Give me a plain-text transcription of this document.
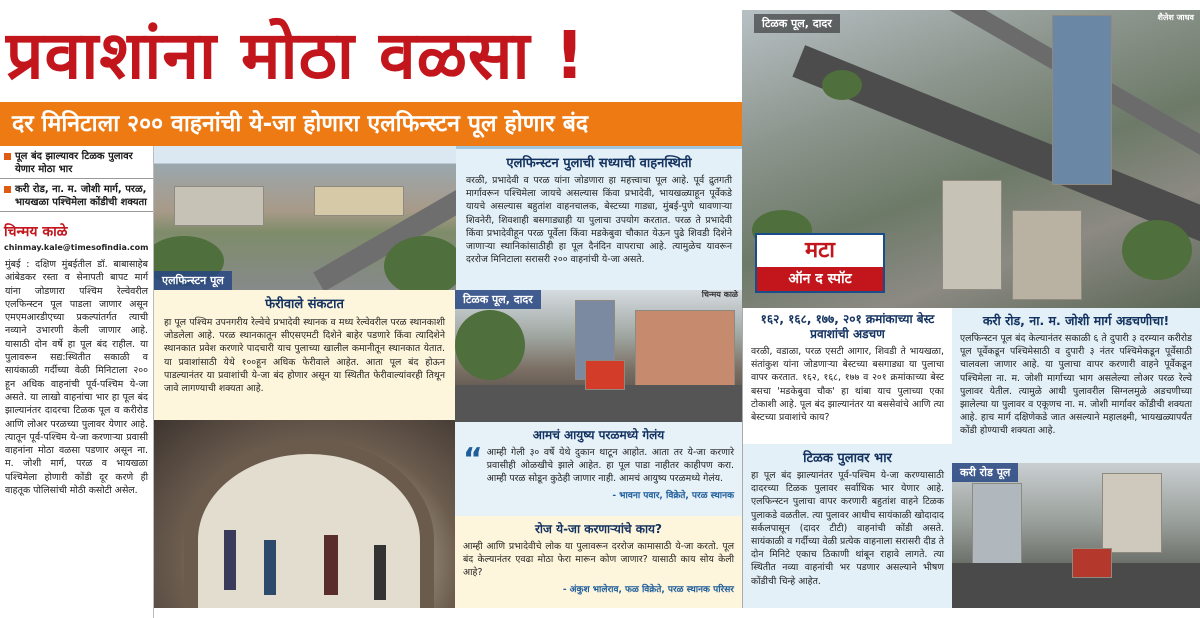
प्रवाशांना मोठा वळसा !	टिळक पूल, दादर	शैलेश जाधव
मटा
ऑन द स्पॉट
दर मिनिटाला २०० वाहनांची ये-जा होणारा एलफिन्स्टन पूल होणार बंद
पूल बंद झाल्यावर टिळक पुलावर येणार मोठा भार
करी रोड, ना. म. जोशी मार्ग, परळ, भायखळा पश्चिमेला कोंडीची शक्यता
चिन्मय काळे
chinmay.kale@timesofindia.com
मुंबई : दक्षिण मुंबईतील डॉ. बाबासाहेब आंबेडकर रस्ता व सेनापती बापट मार्ग यांना जोडणारा पश्चिम रेल्वेवरील एलफिन्स्टन पूल पाडला जाणार असून एमएमआरडीएच्या प्रकल्पांतर्गत त्याची नव्याने उभारणी केली जाणार आहे. यासाठी दोन वर्षे हा पूल बंद राहील. या पुलावरून सद्य:स्थितीत सकाळी व सायंकाळी गर्दीच्या वेळी मिनिटाला २०० हून अधिक वाहनांची पूर्व-पश्चिम ये-जा असते. या लाखो वाहनांचा भार हा पूल बंद झाल्यानंतर दादरचा टिळक पूल व करीरोड आणि लोअर परळच्या पुलावर येणार आहे. त्यातून पूर्व-पश्चिम ये-जा करणाऱ्या प्रवासी वाहनांना मोठा वळसा पडणार असून ना. म. जोशी मार्ग, परळ व भायखळा पश्चिमेला होणारी कोंडी दूर करणे ही वाहतूक पोलिसांची मोठी कसोटी असेल.
एलफिन्स्टन पूल
एलफिन्स्टन पुलाची सध्याची वाहनस्थिती
वरळी, प्रभादेवी व परळ यांना जोडणारा हा महत्त्वाचा पूल आहे. पूर्व द्रुतगती मार्गावरून पश्चिमेला जायचे असल्यास किंवा प्रभादेवी, भायखळ्याहून पूर्वेकडे यायचे असल्यास बहुतांश वाहनचालक, बेस्टच्या गाड्या, मुंबई-पुणे धावणाऱ्या शिवनेरी, शिवशाही बसगाड्याही या पुलाचा उपयोग करतात. परळ ते प्रभादेवी किंवा प्रभादेवीहून परळ पूर्वेला किंवा मडकेबुवा चौकात येऊन पुढे शिवडी दिशेने जाणाऱ्या स्थानिकांसाठीही हा पूल दैनंदिन वापराचा आहे. त्यामुळेच यावरून दररोज मिनिटाला सरासरी २०० वाहनांची ये-जा असते.
फेरीवाले संकटात
हा पूल पश्चिम उपनगरीय रेल्वेचे प्रभादेवी स्थानक व मध्य रेल्वेवरील परळ स्थानकाशी जोडलेला आहे. परळ स्थानकातून सीएसएमटी दिशेने बाहेर पडणारे किंवा त्यादिशेने स्थानकात प्रवेश करणारे पादचारी याच पुलाच्या खालील कमानीतून स्थानकात येतात. या प्रवाशांसाठी येथे १००हून अधिक फेरीवाले आहेत. आता पूल बंद होऊन पाडल्यानंतर या प्रवाशांची ये-जा बंद होणार असून या स्थितीत फेरीवाल्यांवरही तिथून जावे लागण्याची शक्यता आहे.
टिळक पूल, दादर	चिन्मय काळे
आमचं आयुष्य परळमध्ये गेलंय
“ आम्ही गेली ३० वर्षे येथे दुकान थाटून आहोत. आता तर ये-जा करणारे प्रवासीही ओळखीचे झाले आहेत. हा पूल पाडा नाहीतर काहीपण करा. आम्ही परळ सोडून कुठेही जाणार नाही. आमचं आयुष्य परळमध्ये गेलंय.
- भावना पवार, विक्रेते, परळ स्थानक
रोज ये-जा करणाऱ्यांचे काय?
आम्ही आणि प्रभादेवीचे लोक या पुलावरून दररोज कामासाठी ये-जा करतो. पूल बंद केल्यानंतर एवढा मोठा फेरा मारून कोण जाणार? यासाठी काय सोय केली आहे?
- अंकुश भालेराव, फळ विक्रेते, परळ स्थानक परिसर
१६२, १६८, १७७, २०१ क्रमांकाच्या बेस्ट प्रवाशांची अडचण
वरळी, वडाळा, परळ एसटी आगार, शिवडी ते भायखळा, संतांकुश यांना जोडणाऱ्या बेस्टच्या बसगाड्या या पुलाचा वापर करतात. १६२, १६८, १७७ व २०१ क्रमांकाच्या बेस्ट बसचा 'मडकेबुवा चौक' हा थांबा याच पुलाच्या एका टोकाशी आहे. पूल बंद झाल्यानंतर या बससेवांचे आणि त्या बेस्टच्या प्रवाशांचे काय?
टिळक पुलावर भार
हा पूल बंद झाल्यानंतर पूर्व-पश्चिम ये-जा करण्यासाठी दादरच्या टिळक पुलावर सर्वाधिक भार येणार आहे. एलफिन्स्टन पुलाचा वापर करणारी बहुतांश वाहने टिळक पुलाकडे वळतील. त्या पुलावर आधीच सायंकाळी खोदादाद सर्कलपासून (दादर टीटी) वाहनांची कोंडी असते. सायंकाळी व गर्दीच्या वेळी प्रत्येक वाहनाला सरासरी दीड ते दोन मिनिटे एकाच ठिकाणी थांबून राहावे लागते. त्या स्थितीत नव्या वाहनांची भर पडणार असल्याने भीषण कोंडीची चिन्हे आहेत.
करी रोड, ना. म. जोशी मार्ग अडचणीचा!
एलफिन्स्टन पूल बंद केल्यानंतर सकाळी ६ ते दुपारी ३ दरम्यान करीरोड पूल पूर्वेकडून पश्चिमेसाठी व दुपारी ३ नंतर पश्चिमेकडून पूर्वेसाठी चालवला जाणार आहे. या पुलाचा वापर करणारी वाहने पूर्वेकडून पश्चिमेला ना. म. जोशी मार्गाच्या भाग असलेल्या लोअर परळ रेल्वे पुलावर येतील. त्यामुळे आधी पुलावरील सिग्नलमुळे अडचणीच्या झालेल्या या पुलावर व एकूणच ना. म. जोशी मार्गावर कोंडीची शक्यता आहे. हाच मार्ग दक्षिणेकडे जात असल्याने महालक्ष्मी, भायखळ्यापर्यंत कोंडी होण्याची शक्यता आहे.
करी रोड पूल
